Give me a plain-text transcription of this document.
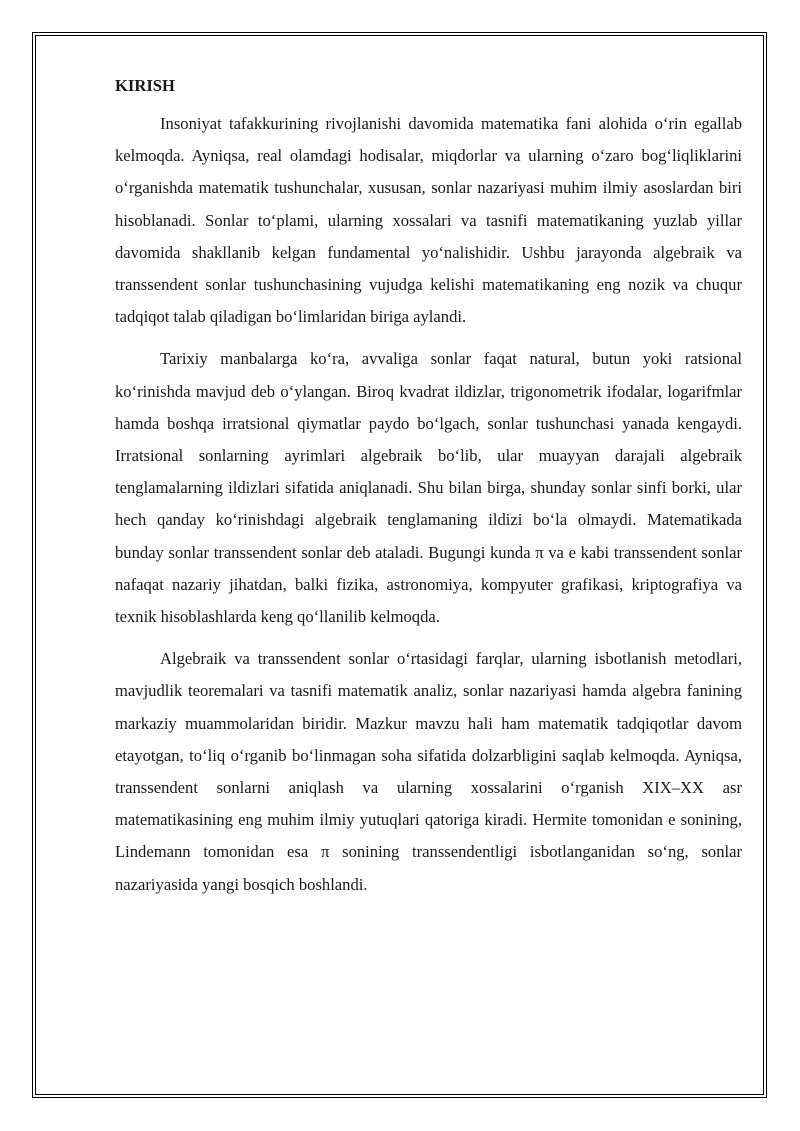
KIRISH

Insoniyat tafakkurining rivojlanishi davomida matematika fani alohida o‘rin egallab kelmoqda. Ayniqsa, real olamdagi hodisalar, miqdorlar va ularning o‘zaro bog‘liqliklarini o‘rganishda matematik tushunchalar, xususan, sonlar nazariyasi muhim ilmiy asoslardan biri hisoblanadi. Sonlar to‘plami, ularning xossalari va tasnifi matematikaning yuzlab yillar davomida shakllanib kelgan fundamental yo‘nalishidir. Ushbu jarayonda algebraik va transsendent sonlar tushunchasining vujudga kelishi matematikaning eng nozik va chuqur tadqiqot talab qiladigan bo‘limlaridan biriga aylandi.

Tarixiy manbalarga ko‘ra, avvaliga sonlar faqat natural, butun yoki ratsional ko‘rinishda mavjud deb o‘ylangan. Biroq kvadrat ildizlar, trigonometrik ifodalar, logarifmlar hamda boshqa irratsional qiymatlar paydo bo‘lgach, sonlar tushunchasi yanada kengaydi. Irratsional sonlarning ayrimlari algebraik bo‘lib, ular muayyan darajali algebraik tenglamalarning ildizlari sifatida aniqlanadi. Shu bilan birga, shunday sonlar sinfi borki, ular hech qanday ko‘rinishdagi algebraik tenglamaning ildizi bo‘la olmaydi. Matematikada bunday sonlar transsendent sonlar deb ataladi. Bugungi kunda π va e kabi transsendent sonlar nafaqat nazariy jihatdan, balki fizika, astronomiya, kompyuter grafikasi, kriptografiya va texnik hisoblashlarda keng qo‘llanilib kelmoqda.

Algebraik va transsendent sonlar o‘rtasidagi farqlar, ularning isbotlanish metodlari, mavjudlik teoremalari va tasnifi matematik analiz, sonlar nazariyasi hamda algebra fanining markaziy muammolaridan biridir. Mazkur mavzu hali ham matematik tadqiqotlar davom etayotgan, to‘liq o‘rganib bo‘linmagan soha sifatida dolzarbligini saqlab kelmoqda. Ayniqsa, transsendent sonlarni aniqlash va ularning xossalarini o‘rganish XIX–XX asr matematikasining eng muhim ilmiy yutuqlari qatoriga kiradi. Hermite tomonidan e sonining, Lindemann tomonidan esa π sonining transsendentligi isbotlanganidan so‘ng, sonlar nazariyasida yangi bosqich boshlandi.
